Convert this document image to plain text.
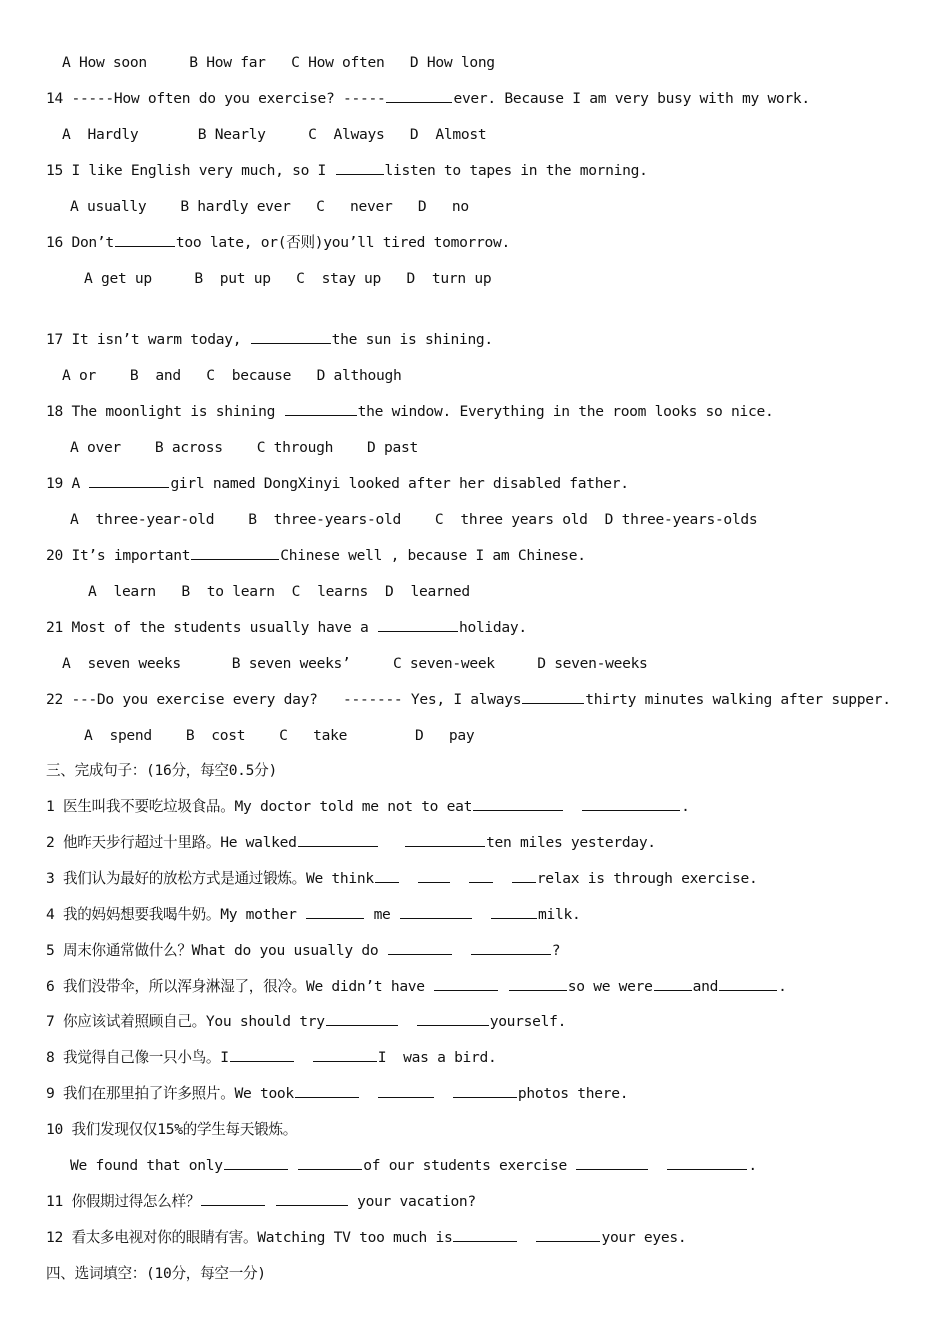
A How soon     B How far   C How often   D How long
14 -----How often do you exercise? -----	ever. Because I am very busy with my work.
A  Hardly       B Nearly     C  Always   D  Almost
15 I like English very much, so I	listen to tapes in the morning.
A usually    B hardly ever   C   never   D   no
16 Don’t	too late, or(否则)you’ll tired tomorrow.
A get up     B  put up   C  stay up   D  turn up
17 It isn’t warm today,	the sun is shining.
A or    B  and   C  because   D although
18 The moonlight is shining	the window. Everything in the room looks so nice.
A over    B across    C through    D past
19 A	girl named DongXinyi looked after her disabled father.
A  three-year-old    B  three-years-old    C  three years old  D three-years-olds
20 It’s important	Chinese well , because I am Chinese.
A  learn   B  to learn  C  learns  D  learned
21 Most of the students usually have a	holiday.
A  seven weeks      B seven weeks’     C seven-week     D seven-weeks
22 ---Do you exercise every day?   ------- Yes, I always	thirty minutes walking after supper.
A  spend    B  cost    C   take        D   pay
三、完成句子：(16分，每空0.5分)
1 医生叫我不要吃垃圾食品。My doctor told me not to eat	.
2 他昨天步行超过十里路。He walked	ten miles yesterday.
3 我们认为最好的放松方式是通过锻炼。We think	relax is through exercise.
4 我的妈妈想要我喝牛奶。My mother	me	milk.
5 周末你通常做什么？What do you usually do	?
6 我们没带伞，所以浑身淋湿了，很冷。We didn’t have	so we were	and	.
7 你应该试着照顾自己。You should try	yourself.
8 我觉得自己像一只小鸟。I	I  was a bird.
9 我们在那里拍了许多照片。We took	photos there.
10 我们发现仅仅15%的学生每天锻炼。
We found that only	of our students exercise	.
11 你假期过得怎么样？	your vacation?
12 看太多电视对你的眼睛有害。Watching TV too much is	your eyes.
四、选词填空：(10分，每空一分)
